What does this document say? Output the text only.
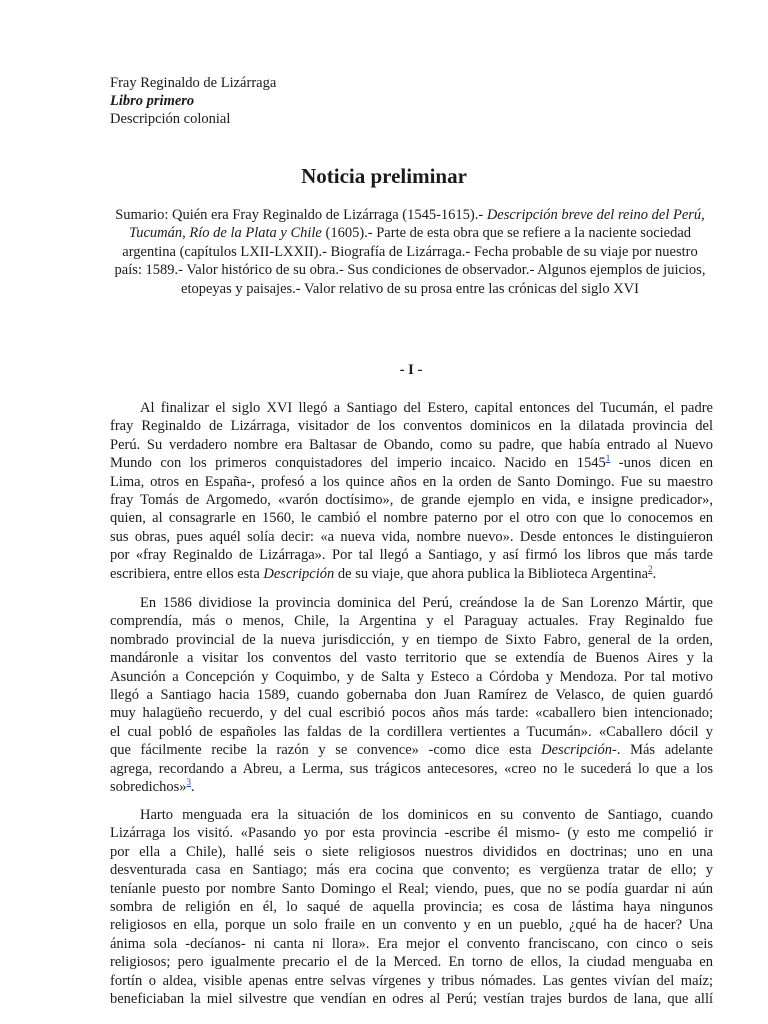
Fray Reginaldo de Lizárraga
Libro primero
Descripción colonial
Noticia preliminar
Sumario: Quién era Fray Reginaldo de Lizárraga (1545-1615).- Descripción breve del reino del Perú, Tucumán, Río de la Plata y Chile (1605).- Parte de esta obra que se refiere a la naciente sociedad argentina (capítulos LXII-LXXII).- Biografía de Lizárraga.- Fecha probable de su viaje por nuestro país: 1589.- Valor histórico de su obra.- Sus condiciones de observador.- Algunos ejemplos de juicios, etopeyas y paisajes.- Valor relativo de su prosa entre las crónicas del siglo XVI
- I -
Al finalizar el siglo XVI llegó a Santiago del Estero, capital entonces del Tucumán, el padre
fray Reginaldo de Lizárraga, visitador de los conventos dominicos en la dilatada provincia del
Perú. Su verdadero nombre era Baltasar de Obando, como su padre, que había entrado al Nuevo
Mundo con los primeros conquistadores del imperio incaico. Nacido en 1545$^1$ -unos dicen en
Lima, otros en España-, profesó a los quince años en la orden de Santo Domingo. Fue su maestro
fray Tomás de Argomedo, «varón doctísimo», de grande ejemplo en vida, e insigne predicador»,
quien, al consagrarle en 1560, le cambió el nombre paterno por el otro con que lo conocemos en
sus obras, pues aquél solía decir: «a nueva vida, nombre nuevo». Desde entonces le distinguieron
por «fray Reginaldo de Lizárraga». Por tal llegó a Santiago, y así firmó los libros que más tarde
escribiera, entre ellos esta Descripción de su viaje, que ahora publica la Biblioteca Argentina$^2$.
En 1586 dividiose la provincia dominica del Perú, creándose la de San Lorenzo Mártir, que
comprendía, más o menos, Chile, la Argentina y el Paraguay actuales. Fray Reginaldo fue
nombrado provincial de la nueva jurisdicción, y en tiempo de Sixto Fabro, general de la orden,
mandáronle a visitar los conventos del vasto territorio que se extendía de Buenos Aires y la
Asunción a Concepción y Coquimbo, y de Salta y Esteco a Córdoba y Mendoza. Por tal motivo
llegó a Santiago hacia 1589, cuando gobernaba don Juan Ramírez de Velasco, de quien guardó
muy halagüeño recuerdo, y del cual escribió pocos años más tarde: «caballero bien intencionado;
el cual pobló de españoles las faldas de la cordillera vertientes a Tucumán». «Caballero dócil y
que fácilmente recibe la razón y se convence» -como dice esta Descripción-. Más adelante
agrega, recordando a Abreu, a Lerma, sus trágicos antecesores, «creo no le sucederá lo que a los
sobredichos»$^3$.
Harto menguada era la situación de los dominicos en su convento de Santiago, cuando
Lizárraga los visitó. «Pasando yo por esta provincia -escribe él mismo- (y esto me compelió ir
por ella a Chile), hallé seis o siete religiosos nuestros divididos en doctrinas; uno en una
desventurada casa en Santiago; más era cocina que convento; es vergüenza tratar de ello; y
teníanle puesto por nombre Santo Domingo el Real; viendo, pues, que no se podía guardar ni aún
sombra de religión en él, lo saqué de aquella provincia; es cosa de lástima haya ningunos
religiosos en ella, porque un solo fraile en un convento y en un pueblo, ¿qué ha de hacer? Una
ánima sola -decíanos- ni canta ni llora». Era mejor el convento franciscano, con cinco o seis
religiosos; pero igualmente precario el de la Merced. En torno de ellos, la ciudad menguaba en
fortín o aldea, visible apenas entre selvas vírgenes y tribus nómades. Las gentes vivían del maíz;
beneficiaban la miel silvestre que vendían en odres al Perú; vestían trajes burdos de lana, que allí
